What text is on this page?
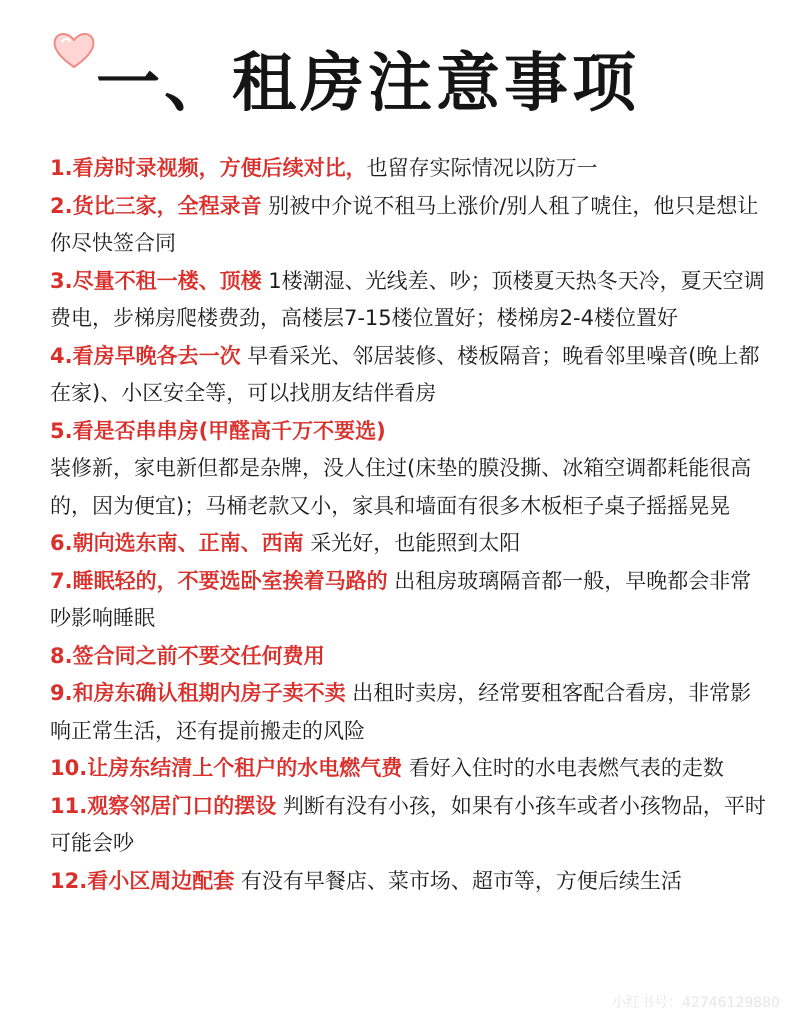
一、租房注意事项
1.看房时录视频，方便后续对比，也留存实际情况以防万一
2.货比三家，全程录音 别被中介说不租马上涨价/别人租了唬住，他只是想让你尽快签合同
3.尽量不租一楼、顶楼 1楼潮湿、光线差、吵；顶楼夏天热冬天冷，夏天空调费电，步梯房爬楼费劲，高楼层7-15楼位置好；楼梯房2-4楼位置好
4.看房早晚各去一次 早看采光、邻居装修、楼板隔音；晚看邻里噪音(晚上都在家)、小区安全等，可以找朋友结伴看房
5.看是否串串房(甲醛高千万不要选)
装修新，家电新但都是杂牌，没人住过(床垫的膜没撕、冰箱空调都耗能很高的，因为便宜)；马桶老款又小，家具和墙面有很多木板柜子桌子摇摇晃晃
6.朝向选东南、正南、西南 采光好，也能照到太阳
7.睡眠轻的，不要选卧室挨着马路的 出租房玻璃隔音都一般，早晚都会非常吵影响睡眠
8.签合同之前不要交任何费用
9.和房东确认租期内房子卖不卖 出租时卖房，经常要租客配合看房，非常影响正常生活，还有提前搬走的风险
10.让房东结清上个租户的水电燃气费 看好入住时的水电表燃气表的走数
11.观察邻居门口的摆设 判断有没有小孩，如果有小孩车或者小孩物品，平时可能会吵
12.看小区周边配套 有没有早餐店、菜市场、超市等，方便后续生活
小红书号：42746129880
